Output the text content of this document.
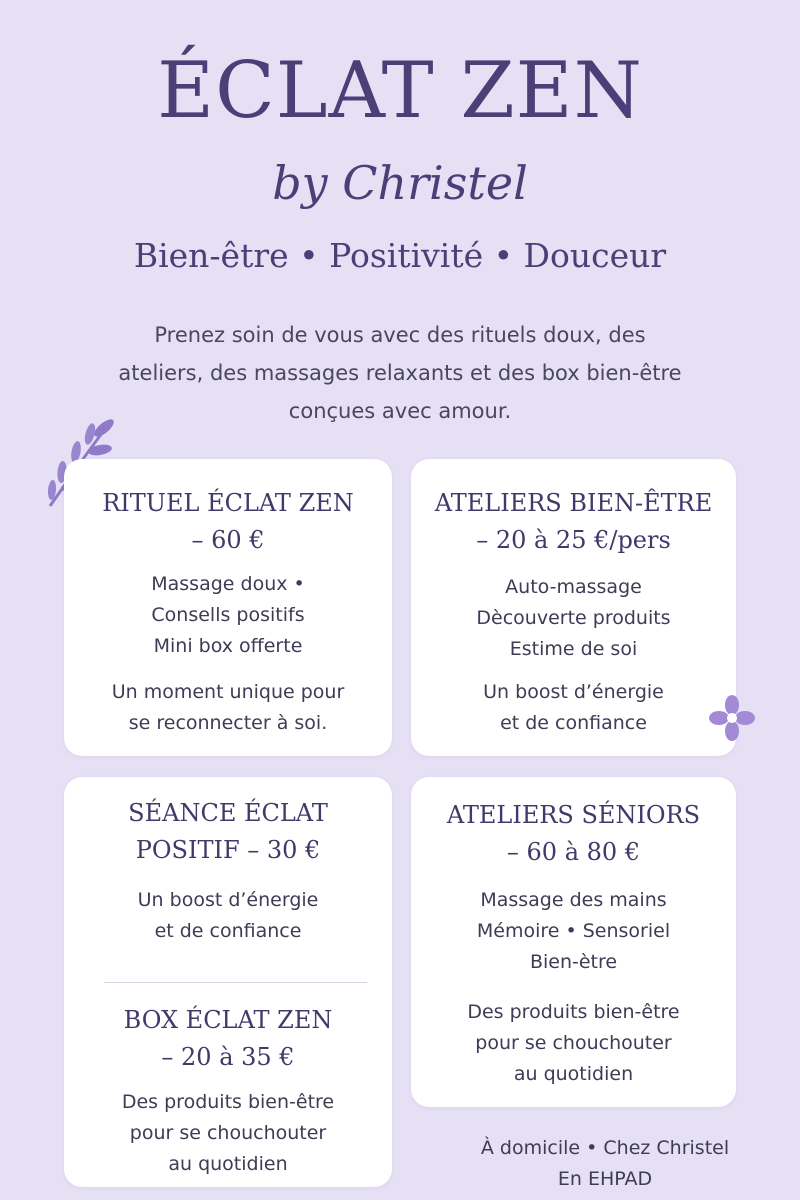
ÉCLAT ZEN
by Christel
Bien-être • Positivité • Douceur
Prenez soin de vous avec des rituels doux, des
ateliers, des massages relaxants et des box bien-être
conçues avec amour.
RITUEL ÉCLAT ZEN
– 60 €
Massage doux •
Consells positifs
Mini box offerte
Un moment unique pour
se reconnecter à soi.
ATELIERS BIEN-ÊTRE
– 20 à 25 €/pers
Auto-massage
Dècouverte produits
Estime de soi
Un boost d’énergie
et de confiance
SÉANCE ÉCLAT
POSITIF – 30 €
Un boost d’énergie
et de confiance
BOX ÉCLAT ZEN
– 20 à 35 €
Des produits bien-être
pour se chouchouter
au quotidien
ATELIERS SÉNIORS
– 60 à 80 €
Massage des mains
Mémoire • Sensoriel
Bien-ètre
Des produits bien-être
pour se chouchouter
au quotidien
À domicile • Chez Christel
En EHPAD
